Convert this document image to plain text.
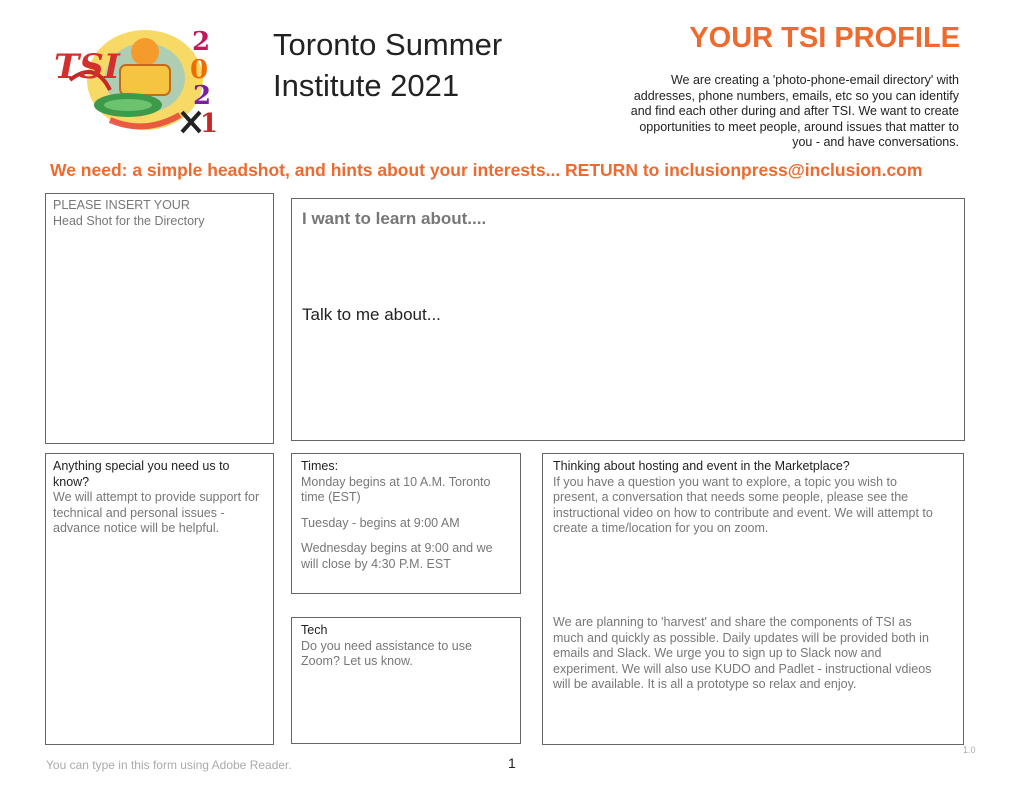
TSI
2
0
2
1
Toronto Summer
Institute 2021
YOUR TSI PROFILE
We are creating a 'photo-phone-email directory' with addresses, phone numbers, emails, etc so you can identify and find each other during and after TSI. We want to create opportunities to meet people, around issues that matter to you - and have conversations.
We need: a simple headshot, and hints about your interests... RETURN to inclusionpress@inclusion.com
PLEASE INSERT YOUR
Head Shot for the Directory	I want to learn about....
Talk to me about...
Anything special you need us to know?
We will attempt to provide support for technical and personal issues - advance notice will be helpful.
Times:
Monday begins at 10 A.M. Toronto time (EST)
Tuesday - begins at 9:00 AM
Wednesday begins at 9:00 and we will close by 4:30 P.M. EST
Tech
Do you need assistance to use Zoom? Let us know.
Thinking about hosting and event in the Marketplace?
If you have a question you want to explore, a topic you wish to present, a conversation that needs some people, please see the instructional video on how to contribute and event. We will attempt to create a time/location for you on zoom.
We are planning to 'harvest' and share the components of TSI as much and quickly as possible. Daily updates will be provided both in emails and Slack. We urge you to sign up to Slack now and experiment. We will also use KUDO and Padlet - instructional vdieos will be available. It is all a prototype so relax and enjoy.
You can type in this form using Adobe Reader.	1
1.0
